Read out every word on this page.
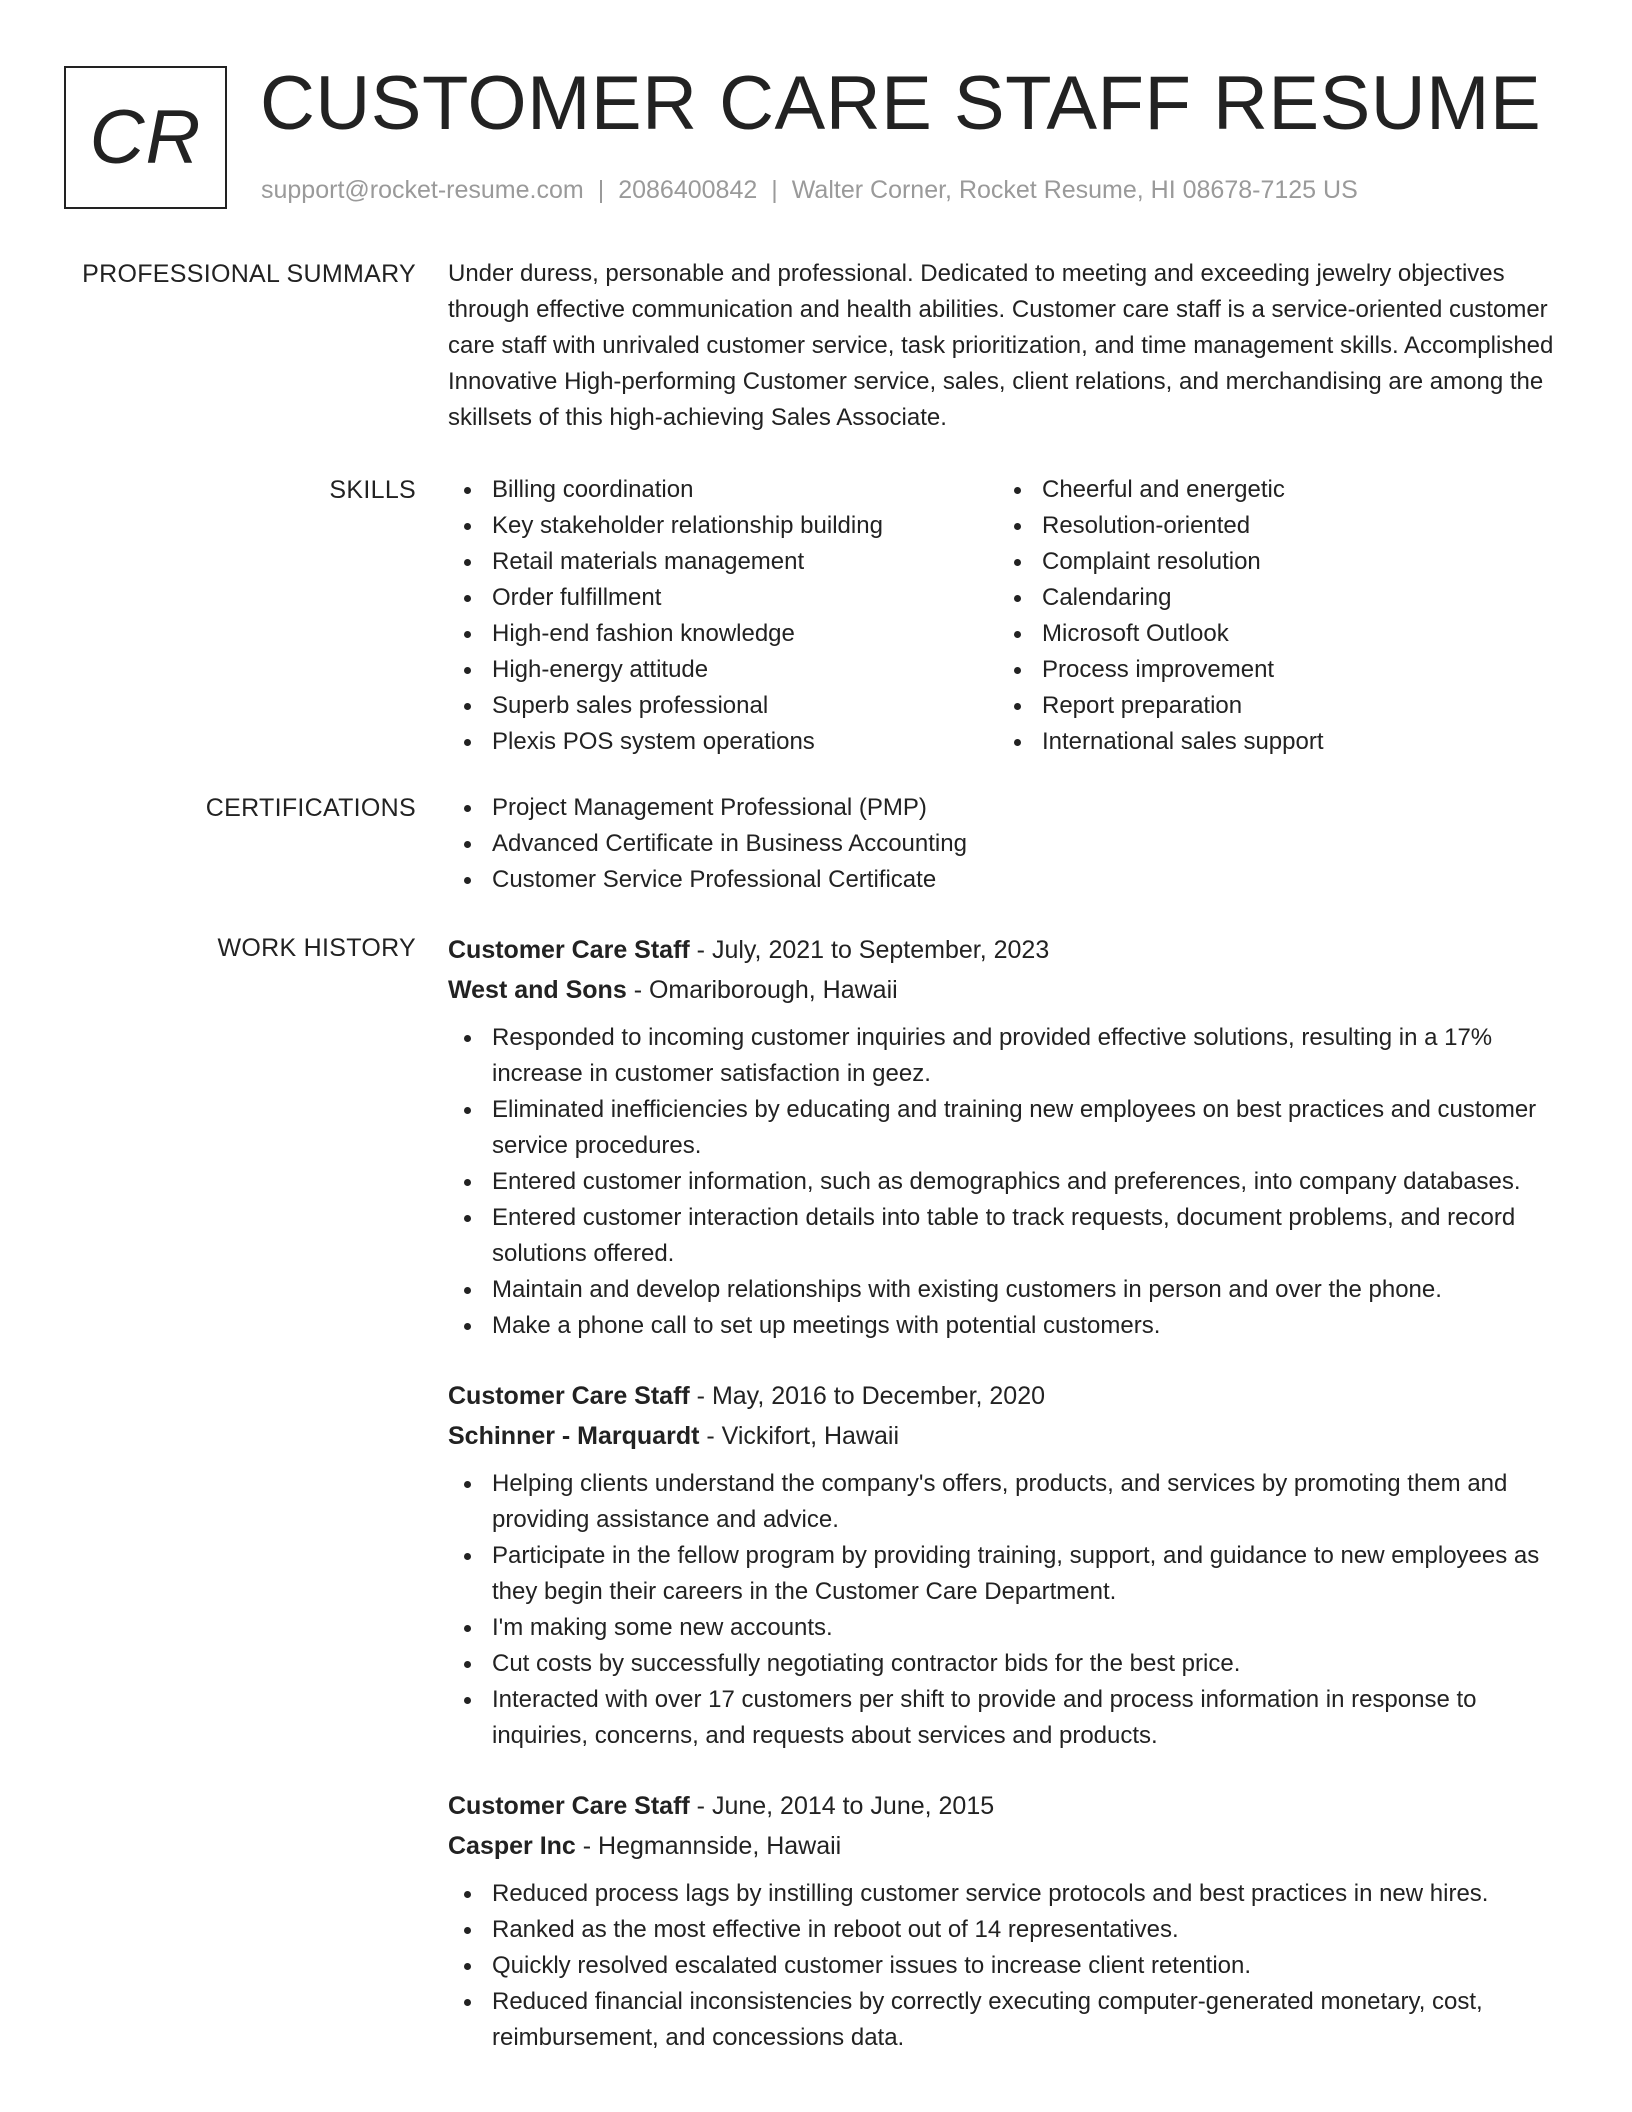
CR CUSTOMER CARE STAFF RESUME
support@rocket-resume.com | 2086400842 | Walter Corner, Rocket Resume, HI 08678-7125 US
PROFESSIONAL SUMMARY Under duress, personable and professional. Dedicated to meeting and exceeding jewelry objectives through effective communication and health abilities. Customer care staff is a service-oriented customer care staff with unrivaled customer service, task prioritization, and time management skills. Accomplished Innovative High-performing Customer service, sales, client relations, and merchandising are among the skillsets of this high-achieving Sales Associate.

SKILLS	Billing coordination
Key stakeholder relationship building
Retail materials management
Order fulfillment
High-end fashion knowledge
High-energy attitude
Superb sales professional
Plexis POS system operations
Cheerful and energetic
Resolution-oriented
Complaint resolution
Calendaring
Microsoft Outlook
Process improvement
Report preparation
International sales support
CERTIFICATIONS	Project Management Professional (PMP)
Advanced Certificate in Business Accounting
Customer Service Professional Certificate
WORK HISTORY Customer Care Staff - July, 2021 to September, 2023
West and Sons - Omariborough, Hawaii
Responded to incoming customer inquiries and provided effective solutions, resulting in a 17% increase in customer satisfaction in geez.
Eliminated inefficiencies by educating and training new employees on best practices and customer service procedures.
Entered customer information, such as demographics and preferences, into company databases.
Entered customer interaction details into table to track requests, document problems, and record solutions offered.
Maintain and develop relationships with existing customers in person and over the phone.
Make a phone call to set up meetings with potential customers.
Customer Care Staff - May, 2016 to December, 2020
Schinner - Marquardt - Vickifort, Hawaii
Helping clients understand the company's offers, products, and services by promoting them and providing assistance and advice.
Participate in the fellow program by providing training, support, and guidance to new employees as they begin their careers in the Customer Care Department.
I'm making some new accounts.
Cut costs by successfully negotiating contractor bids for the best price.
Interacted with over 17 customers per shift to provide and process information in response to inquiries, concerns, and requests about services and products.
Customer Care Staff - June, 2014 to June, 2015
Casper Inc - Hegmannside, Hawaii
Reduced process lags by instilling customer service protocols and best practices in new hires.
Ranked as the most effective in reboot out of 14 representatives.
Quickly resolved escalated customer issues to increase client retention.
Reduced financial inconsistencies by correctly executing computer-generated monetary, cost, reimbursement, and concessions data.
